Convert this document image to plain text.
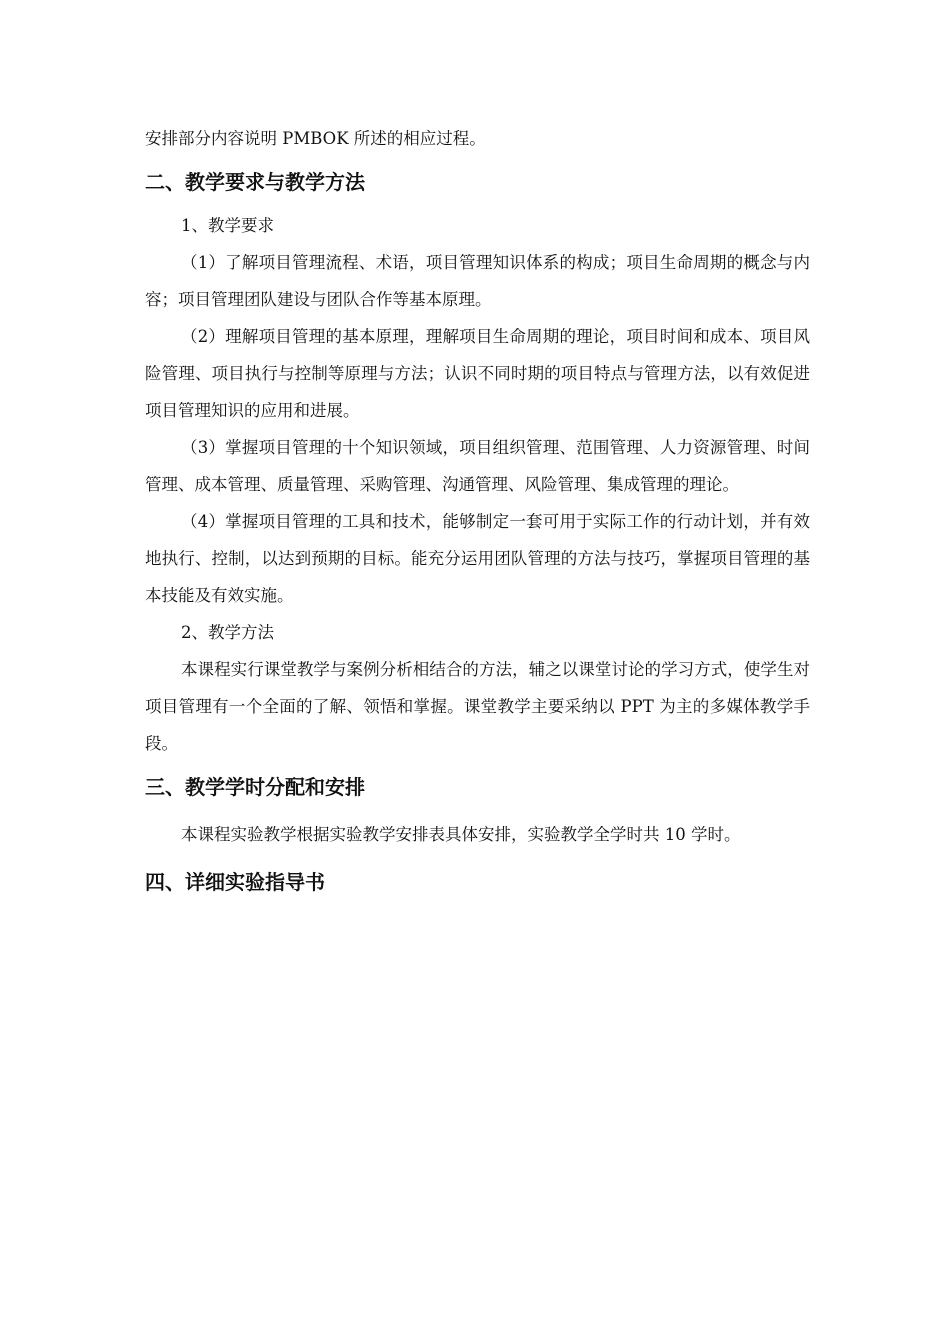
安排部分内容说明 PMBOK 所述的相应过程。

二、教学要求与教学方法

1、教学要求

（1）了解项目管理流程、术语，项目管理知识体系的构成；项目生命周期的概念与内容；项目管理团队建设与团队合作等基本原理。

（2）理解项目管理的基本原理，理解项目生命周期的理论，项目时间和成本、项目风险管理、项目执行与控制等原理与方法；认识不同时期的项目特点与管理方法，以有效促进项目管理知识的应用和进展。

（3）掌握项目管理的十个知识领域，项目组织管理、范围管理、人力资源管理、时间管理、成本管理、质量管理、采购管理、沟通管理、风险管理、集成管理的理论。

（4）掌握项目管理的工具和技术，能够制定一套可用于实际工作的行动计划，并有效地执行、控制，以达到预期的目标。能充分运用团队管理的方法与技巧，掌握项目管理的基本技能及有效实施。

2、教学方法

本课程实行课堂教学与案例分析相结合的方法，辅之以课堂讨论的学习方式，使学生对项目管理有一个全面的了解、领悟和掌握。课堂教学主要采纳以 PPT 为主的多媒体教学手段。

三、教学学时分配和安排

本课程实验教学根据实验教学安排表具体安排，实验教学全学时共 10 学时。

四、详细实验指导书
